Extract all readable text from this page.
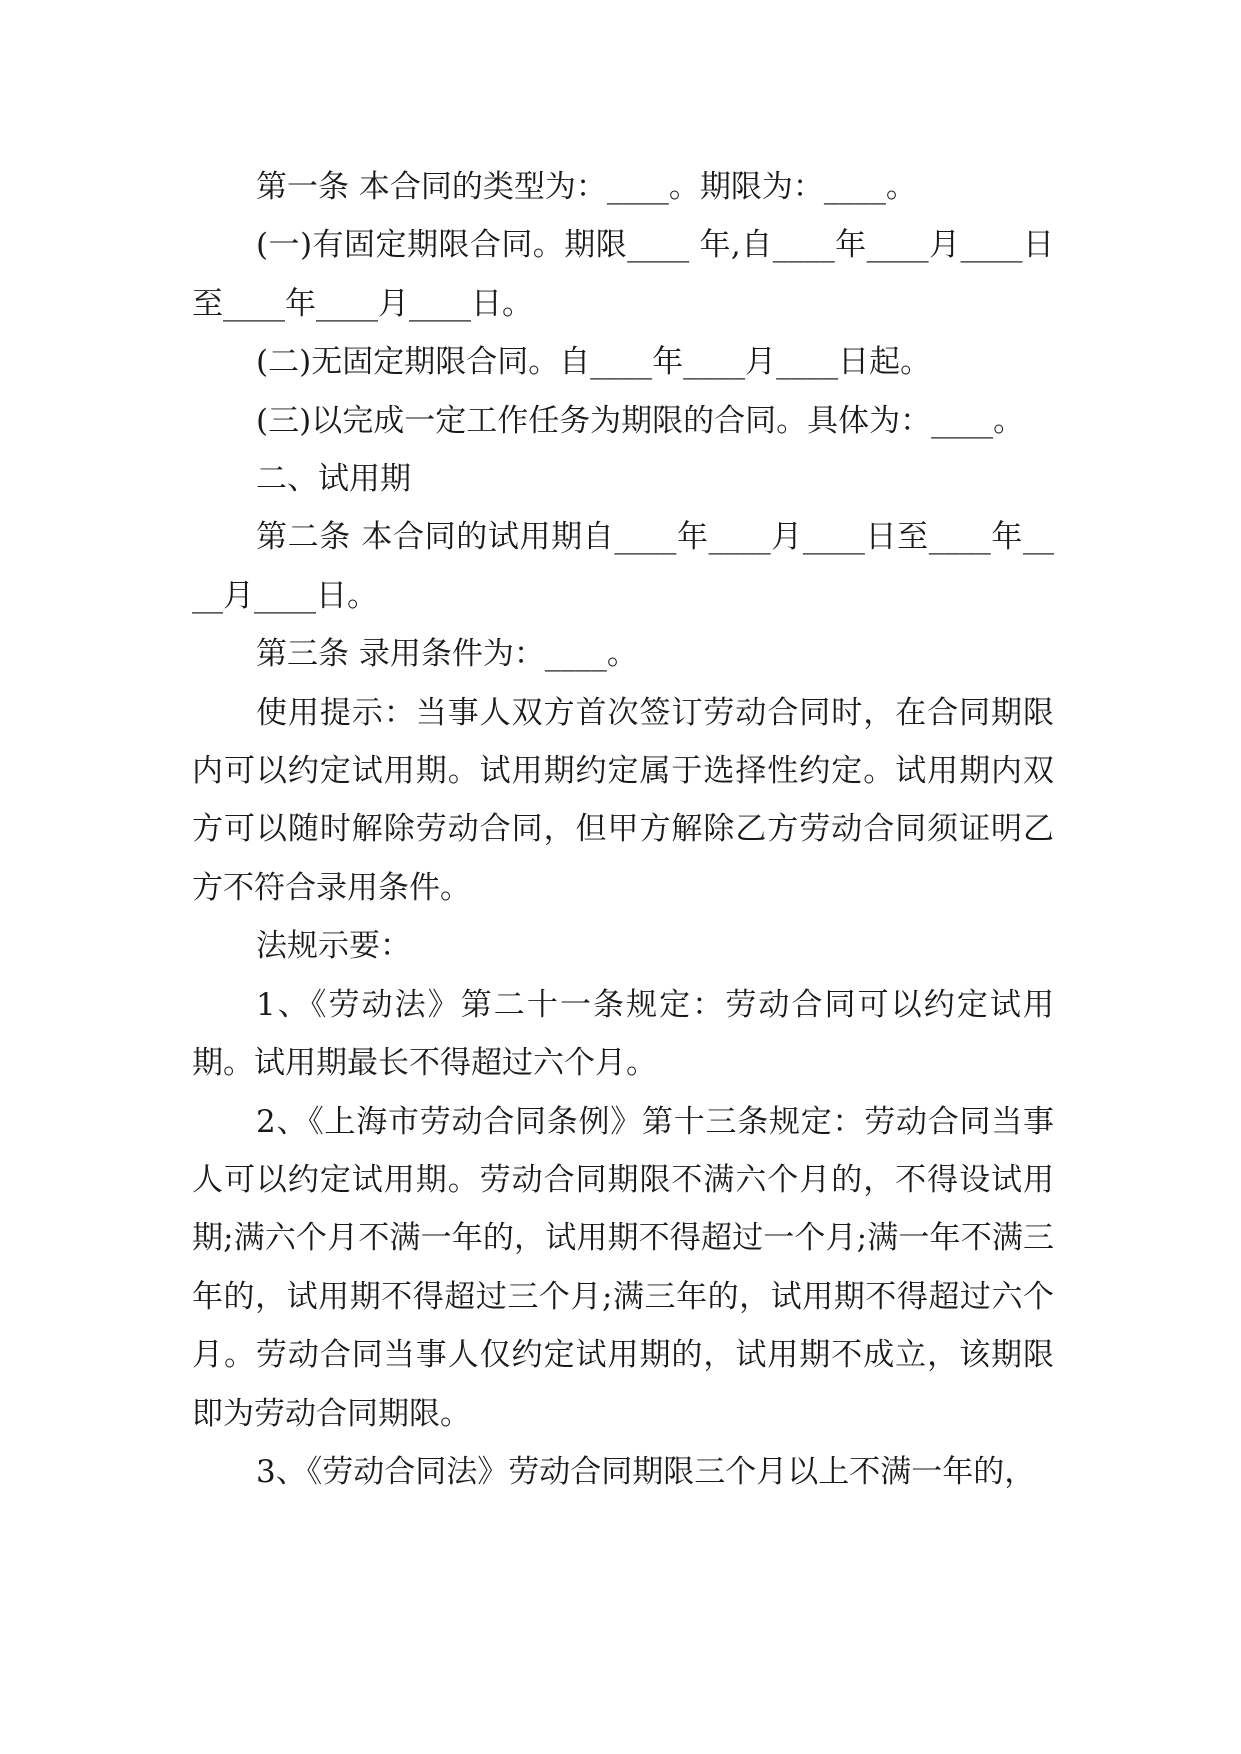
第一条 本合同的类型为：____。期限为：____。

(一)有固定期限合同。期限____ 年,自____年____月____日至____年____月____日。

(二)无固定期限合同。自____年____月____日起。

(三)以完成一定工作任务为期限的合同。具体为：____。

二、试用期

第二条 本合同的试用期自____年____月____日至____年____月____日。

第三条 录用条件为：____。

使用提示：当事人双方首次签订劳动合同时，在合同期限内可以约定试用期。试用期约定属于选择性约定。试用期内双方可以随时解除劳动合同，但甲方解除乙方劳动合同须证明乙方不符合录用条件。

法规示要：

1、《劳动法》第二十一条规定：劳动合同可以约定试用期。试用期最长不得超过六个月。

2、《上海市劳动合同条例》第十三条规定：劳动合同当事人可以约定试用期。劳动合同期限不满六个月的，不得设试用期;满六个月不满一年的，试用期不得超过一个月;满一年不满三年的，试用期不得超过三个月;满三年的，试用期不得超过六个月。劳动合同当事人仅约定试用期的，试用期不成立，该期限即为劳动合同期限。

3、《劳动合同法》劳动合同期限三个月以上不满一年的，
